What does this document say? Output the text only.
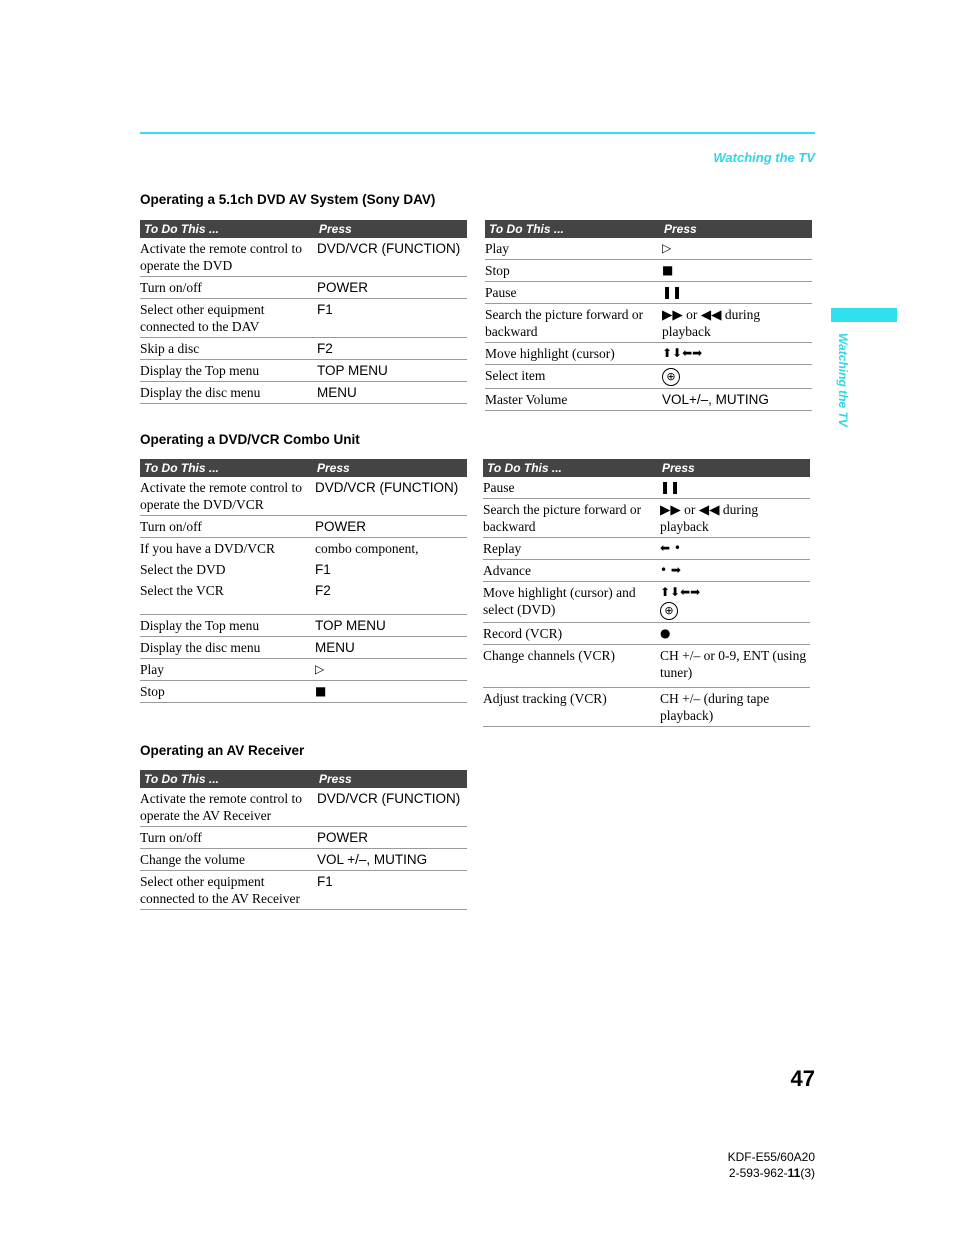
Watching the TV
Watching the TV
Operating a 5.1ch DVD AV System (Sony DAV)
To Do This ...	Press
Activate the remote control to operate the DVD	DVD/VCR (FUNCTION)
Turn on/off	POWER
Select other equipment connected to the DAV	F1
Skip a disc	F2
Display the Top menu	TOP MENU
Display the disc menu	MENU
To Do This ...	Press
Play	▷
Stop	■
Pause	❚❚
Search the picture forward or backward	▶▶ or ◀◀ during playback
Move highlight (cursor)	⬆⬇⬅➡
Select item	⊕
Master Volume	VOL+/–, MUTING
Operating a DVD/VCR Combo Unit
To Do This ...	Press
Activate the remote control to operate the DVD/VCR	DVD/VCR (FUNCTION)
Turn on/off	POWER
If you have a DVD/VCR	combo component,
Select the DVD	F1
Select the VCR	F2
Display the Top menu	TOP MENU
Display the disc menu	MENU
Play	▷
Stop	■
To Do This ...	Press
Pause	❚❚
Search the picture forward or backward	▶▶ or ◀◀ during playback
Replay	⬅ •
Advance	• ➡
Move highlight (cursor) and select (DVD)	⬆⬇⬅➡
⊕
Record (VCR)	●
Change channels (VCR)	CH +/– or 0-9, ENT (using tuner)
Adjust tracking (VCR)	CH +/– (during tape playback)
Operating an AV Receiver
To Do This ...	Press
Activate the remote control to operate the AV Receiver	DVD/VCR (FUNCTION)
Turn on/off	POWER
Change the volume	VOL +/–, MUTING
Select other equipment connected to the AV Receiver	F1
47
KDF-E55/60A20
2-593-962-11(3)
